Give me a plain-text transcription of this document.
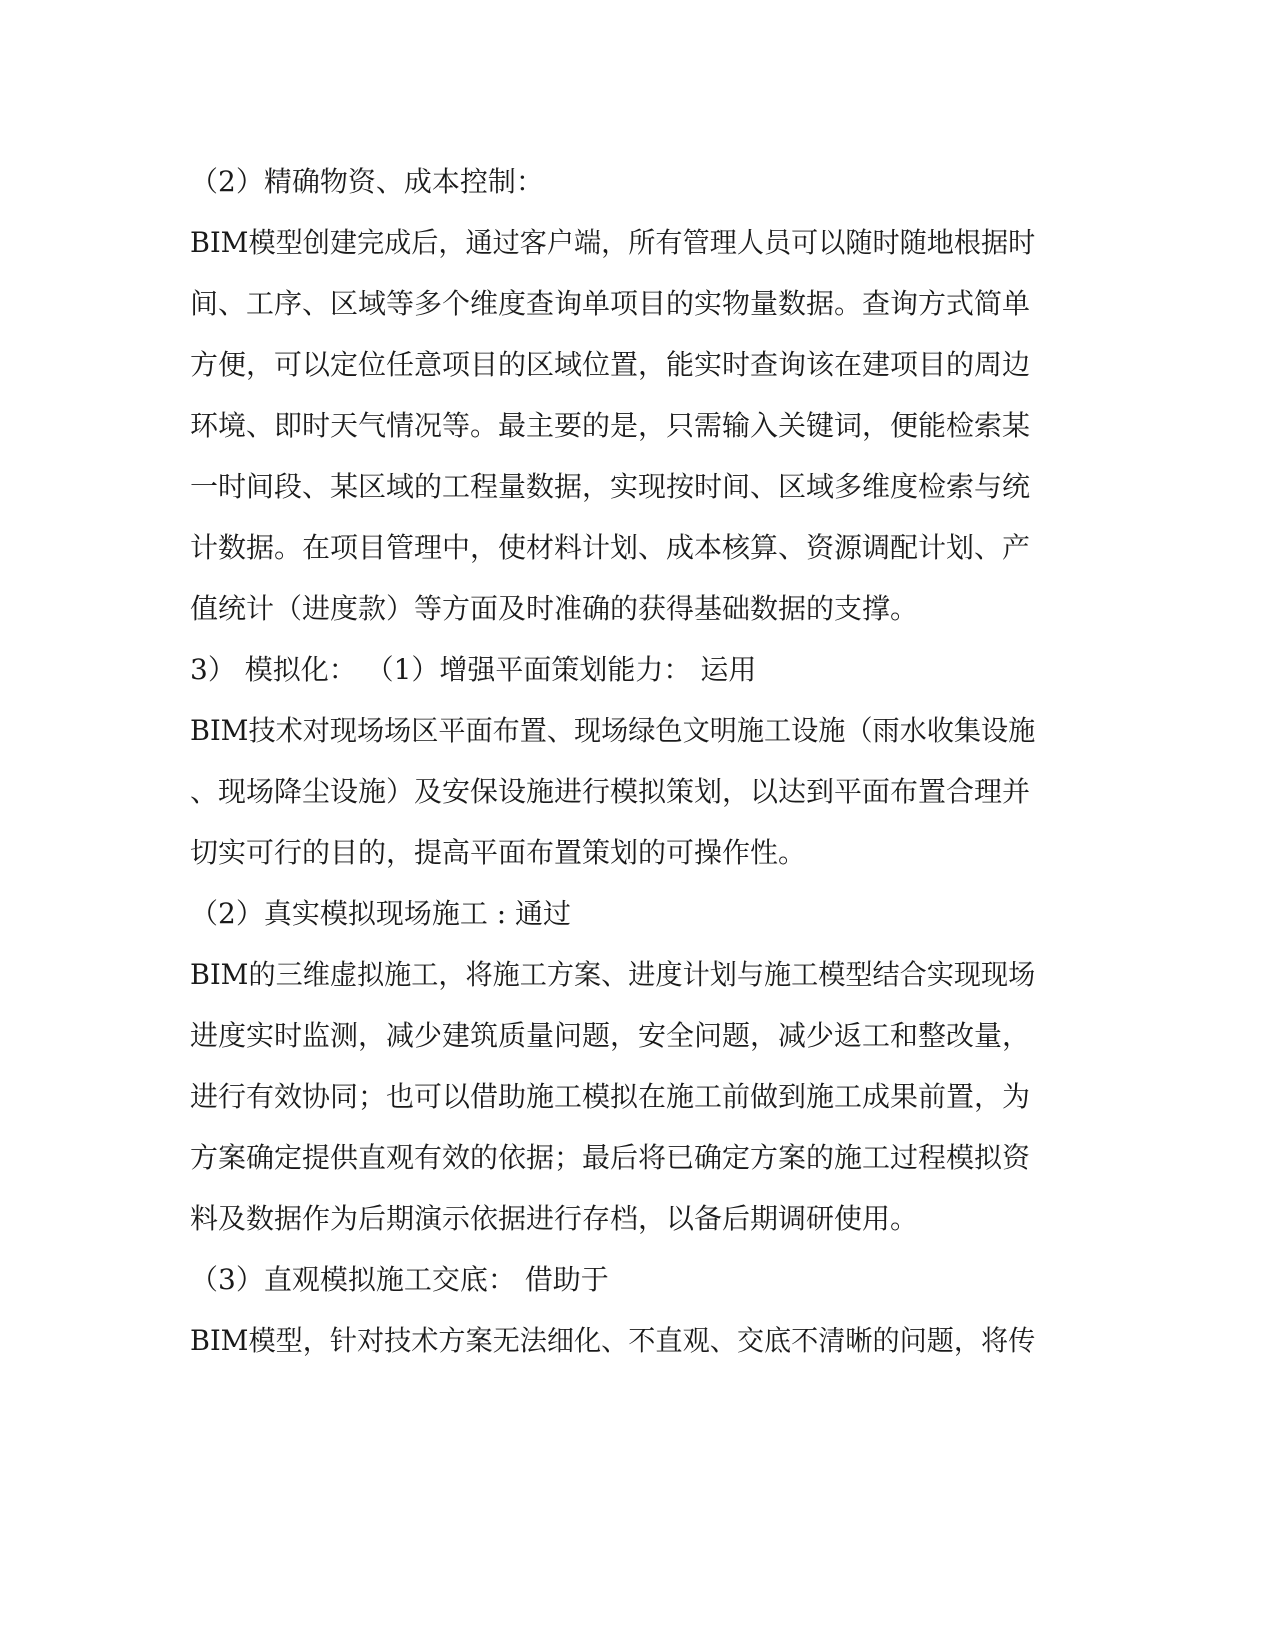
（2）精确物资、成本控制：
BIM模型创建完成后，通过客户端，所有管理人员可以随时随地根据时
间、工序、区域等多个维度查询单项目的实物量数据。查询方式简单
方便，可以定位任意项目的区域位置，能实时查询该在建项目的周边
环境、即时天气情况等。最主要的是，只需输入关键词，便能检索某
一时间段、某区域的工程量数据，实现按时间、区域多维度检索与统
计数据。在项目管理中，使材料计划、成本核算、资源调配计划、产
值统计（进度款）等方面及时准确的获得基础数据的支撑。
3） 模拟化： （1）增强平面策划能力： 运用
BIM技术对现场场区平面布置、现场绿色文明施工设施（雨水收集设施
、现场降尘设施）及安保设施进行模拟策划，以达到平面布置合理并
切实可行的目的，提高平面布置策划的可操作性。
（2）真实模拟现场施工 : 通过
BIM的三维虚拟施工，将施工方案、进度计划与施工模型结合实现现场
进度实时监测，减少建筑质量问题，安全问题，减少返工和整改量，
进行有效协同；也可以借助施工模拟在施工前做到施工成果前置，为
方案确定提供直观有效的依据；最后将已确定方案的施工过程模拟资
料及数据作为后期演示依据进行存档，以备后期调研使用。
（3）直观模拟施工交底： 借助于
BIM模型，针对技术方案无法细化、不直观、交底不清晰的问题，将传
